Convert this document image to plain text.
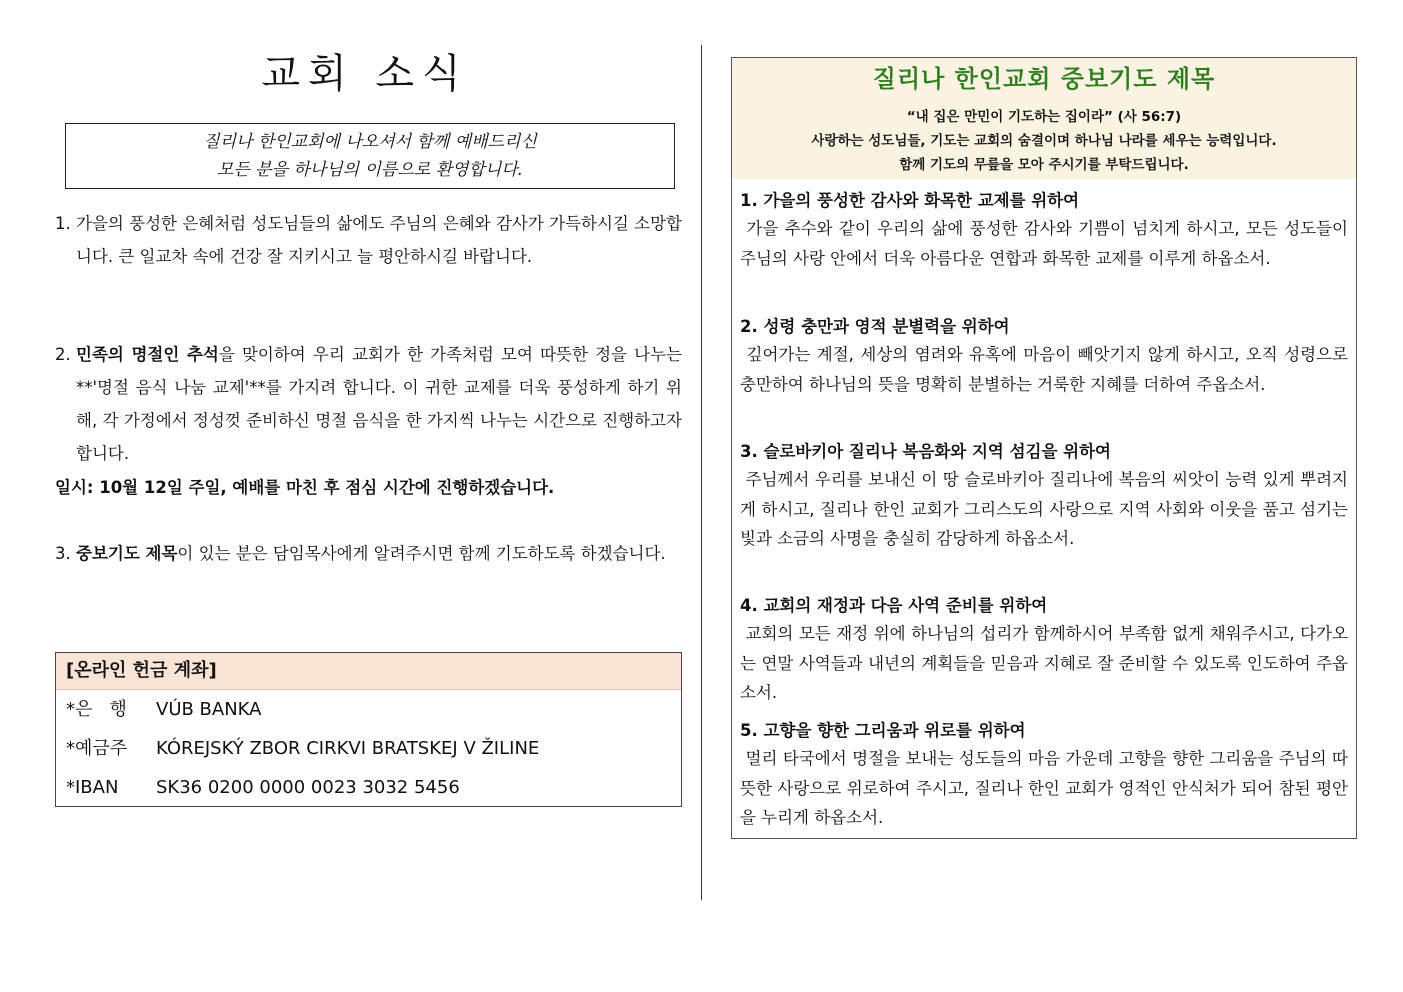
교회 소식
질리나 한인교회에 나오셔서 함께 예배드리신
모든 분을 하나님의 이름으로 환영합니다.
1. 가을의 풍성한 은혜처럼 성도님들의 삶에도 주님의 은혜와 감사가 가득하시길 소망합니다. 큰 일교차 속에 건강 잘 지키시고 늘 평안하시길 바랍니다.
2. 민족의 명절인 추석을 맞이하여 우리 교회가 한 가족처럼 모여 따뜻한 정을 나누는 **'명절 음식 나눔 교제'**를 가지려 합니다. 이 귀한 교제를 더욱 풍성하게 하기 위해, 각 가정에서 정성껏 준비하신 명절 음식을 한 가지씩 나누는 시간으로 진행하고자 합니다.
일시: 10월 12일 주일, 예배를 마친 후 점심 시간에 진행하겠습니다.
3. 중보기도 제목이 있는 분은 담임목사에게 알려주시면 함께 기도하도록 하겠습니다.
[온라인 헌금 계좌]
*은   행	VÚB BANKA
*예금주	KÓREJSKÝ ZBOR CIRKVI BRATSKEJ V ŽILINE
*IBAN	SK36 0200 0000 0023 3032 5456
질리나 한인교회 중보기도 제목
“내 집은 만민이 기도하는 집이라” (사 56:7)
사랑하는 성도님들, 기도는 교회의 숨결이며 하나님 나라를 세우는 능력입니다.
함께 기도의 무릎을 모아 주시기를 부탁드립니다.

1. 가을의 풍성한 감사와 화목한 교제를 위하여

가을 추수와 같이 우리의 삶에 풍성한 감사와 기쁨이 넘치게 하시고, 모든 성도들이 주님의 사랑 안에서 더욱 아름다운 연합과 화목한 교제를 이루게 하옵소서.

2. 성령 충만과 영적 분별력을 위하여

깊어가는 계절, 세상의 염려와 유혹에 마음이 빼앗기지 않게 하시고, 오직 성령으로 충만하여 하나님의 뜻을 명확히 분별하는 거룩한 지혜를 더하여 주옵소서.

3. 슬로바키아 질리나 복음화와 지역 섬김을 위하여

주님께서 우리를 보내신 이 땅 슬로바키아 질리나에 복음의 씨앗이 능력 있게 뿌려지게 하시고, 질리나 한인 교회가 그리스도의 사랑으로 지역 사회와 이웃을 품고 섬기는 빛과 소금의 사명을 충실히 감당하게 하옵소서.

4. 교회의 재정과 다음 사역 준비를 위하여

교회의 모든 재정 위에 하나님의 섭리가 함께하시어 부족함 없게 채워주시고, 다가오는 연말 사역들과 내년의 계획들을 믿음과 지혜로 잘 준비할 수 있도록 인도하여 주옵소서.

5. 고향을 향한 그리움과 위로를 위하여

멀리 타국에서 명절을 보내는 성도들의 마음 가운데 고향을 향한 그리움을 주님의 따뜻한 사랑으로 위로하여 주시고, 질리나 한인 교회가 영적인 안식처가 되어 참된 평안을 누리게 하옵소서.
